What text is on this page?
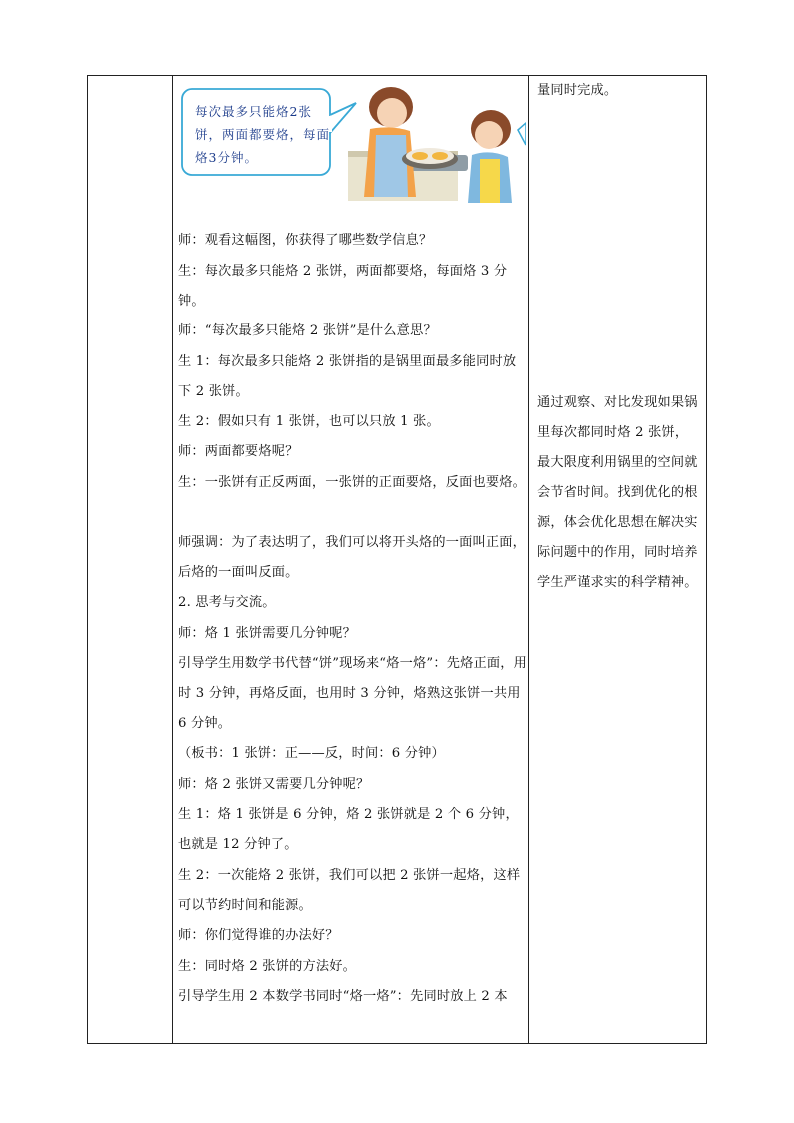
每次最多只能烙2张饼，两面都要烙，每面烙3分钟。

师：观看这幅图，你获得了哪些数学信息？

生：每次最多只能烙 2 张饼，两面都要烙，每面烙 3 分钟。

师：“每次最多只能烙 2 张饼”是什么意思？

生 1：每次最多只能烙 2 张饼指的是锅里面最多能同时放下 2 张饼。

生 2：假如只有 1 张饼，也可以只放 1 张。

师：两面都要烙呢？

生：一张饼有正反两面，一张饼的正面要烙，反面也要烙。

师强调：为了表达明了，我们可以将开头烙的一面叫正面，后烙的一面叫反面。

2. 思考与交流。

师：烙 1 张饼需要几分钟呢？

引导学生用数学书代替“饼”现场来“烙一烙”：先烙正面，用时 3 分钟，再烙反面，也用时 3 分钟，烙熟这张饼一共用 6 分钟。

（板书：1 张饼：正——反，时间：6 分钟）

师：烙 2 张饼又需要几分钟呢？

生 1：烙 1 张饼是 6 分钟，烙 2 张饼就是 2 个 6 分钟，也就是 12 分钟了。

生 2：一次能烙 2 张饼，我们可以把 2 张饼一起烙，这样可以节约时间和能源。

师：你们觉得谁的办法好？

生：同时烙 2 张饼的方法好。

引导学生用 2 本数学书同时“烙一烙”：先同时放上 2 本

量同时完成。

通过观察、对比发现如果锅里每次都同时烙 2 张饼，最大限度利用锅里的空间就会节省时间。找到优化的根源，体会优化思想在解决实际问题中的作用，同时培养学生严谨求实的科学精神。
